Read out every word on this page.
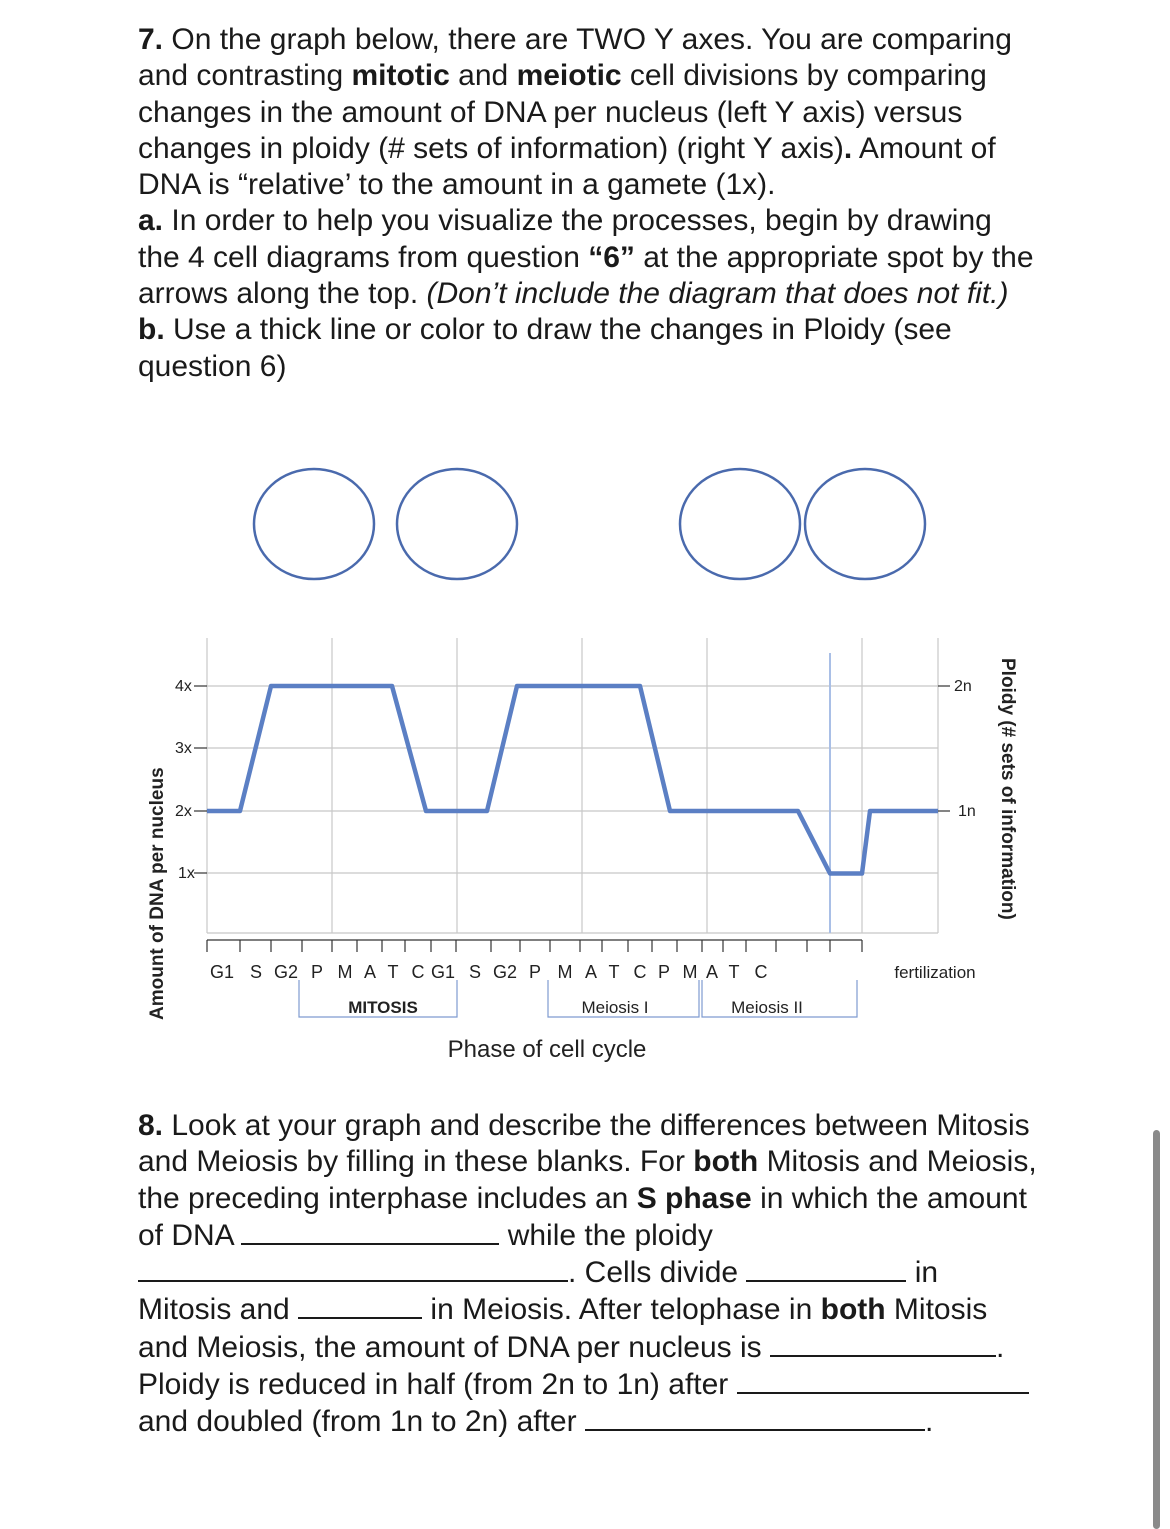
7. On the graph below, there are TWO Y axes. You are comparing and contrasting mitotic and meiotic cell divisions by comparing changes in the amount of DNA per nucleus (left Y axis) versus changes in ploidy (# sets of information) (right Y axis). Amount of DNA is “relative’ to the amount in a gamete (1x).

a. In order to help you visualize the processes, begin by drawing the 4 cell diagrams from question “6” at the appropriate spot by the arrows along the top. (Don’t include the diagram that does not fit.)

b. Use a thick line or color to draw the changes in Ploidy (see question 6)

4x
3x
2x
1x
2n
1n
Amount of DNA per nucleus	Ploidy (# sets of information)
G1 S G2 P M A T C G1 S G2 P M A T C P M A T C	fertilization
MITOSIS	Meiosis I	Meiosis II
Phase of cell cycle

8. Look at your graph and describe the differences between Mitosis and Meiosis by filling in these blanks. For both Mitosis and Meiosis, the preceding interphase includes an S phase in which the amount of DNA	while the ploidy . Cells divide	in Mitosis and	in Meiosis. After telophase in both Mitosis and Meiosis, the amount of DNA per nucleus is	. Ploidy is reduced in half (from 2n to 1n) after  and doubled (from 1n to 2n) after	.
